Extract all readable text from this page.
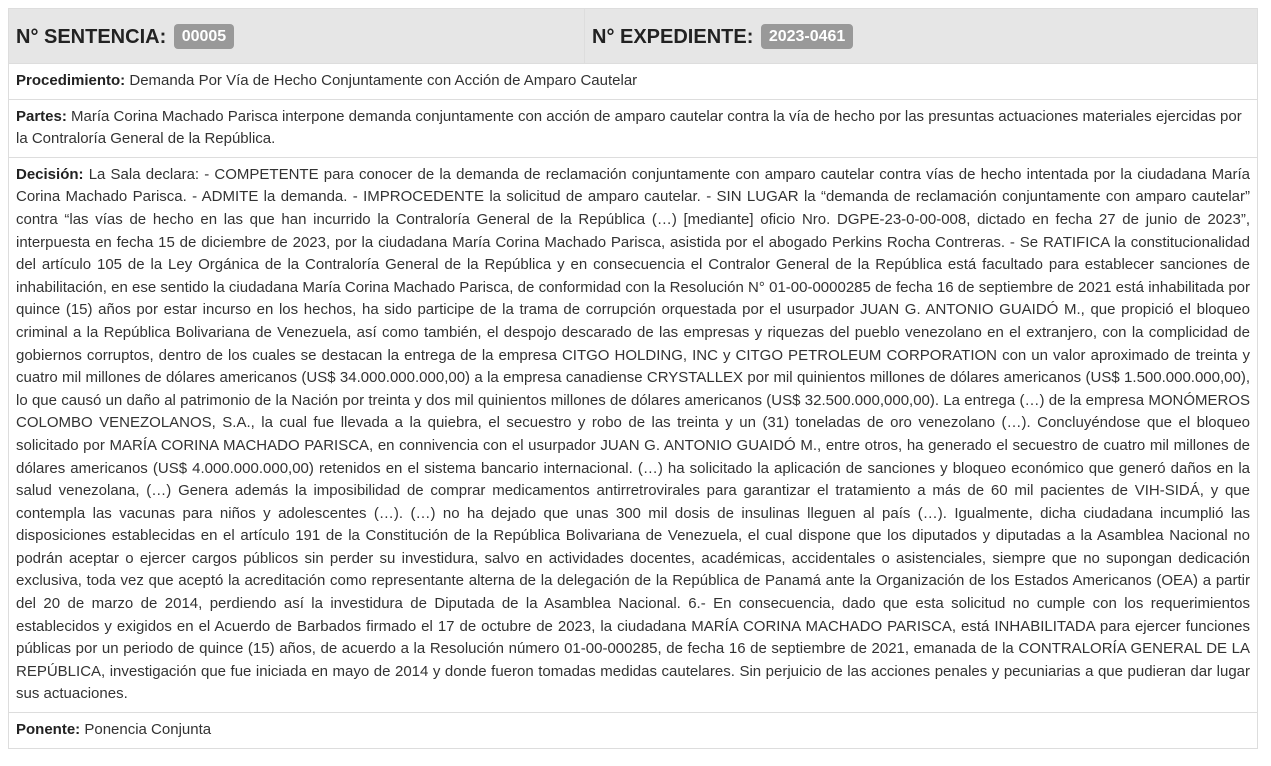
N° SENTENCIA: 00005	N° EXPEDIENTE: 2023-0461
Procedimiento: Demanda Por Vía de Hecho Conjuntamente con Acción de Amparo Cautelar
Partes: María Corina Machado Parisca interpone demanda conjuntamente con acción de amparo cautelar contra la vía de hecho por las presuntas actuaciones materiales ejercidas por la Contraloría General de la República.
Decisión: La Sala declara: - COMPETENTE para conocer de la demanda de reclamación conjuntamente con amparo cautelar contra vías de hecho intentada por la ciudadana María Corina Machado Parisca. - ADMITE la demanda. - IMPROCEDENTE la solicitud de amparo cautelar. - SIN LUGAR la “demanda de reclamación conjuntamente con amparo cautelar” contra “las vías de hecho en las que han incurrido la Contraloría General de la República (…) [mediante] oficio Nro. DGPE-23-0-00-008, dictado en fecha 27 de junio de 2023”, interpuesta en fecha 15 de diciembre de 2023, por la ciudadana María Corina Machado Parisca, asistida por el abogado Perkins Rocha Contreras. - Se RATIFICA la constitucionalidad del artículo 105 de la Ley Orgánica de la Contraloría General de la República y en consecuencia el Contralor General de la República está facultado para establecer sanciones de inhabilitación, en ese sentido la ciudadana María Corina Machado Parisca, de conformidad con la Resolución N° 01-00-0000285 de fecha 16 de septiembre de 2021 está inhabilitada por quince (15) años por estar incurso en los hechos, ha sido participe de la trama de corrupción orquestada por el usurpador JUAN G. ANTONIO GUAIDÓ M., que propició el bloqueo criminal a la República Bolivariana de Venezuela, así como también, el despojo descarado de las empresas y riquezas del pueblo venezolano en el extranjero, con la complicidad de gobiernos corruptos, dentro de los cuales se destacan la entrega de la empresa CITGO HOLDING, INC y CITGO PETROLEUM CORPORATION con un valor aproximado de treinta y cuatro mil millones de dólares americanos (US$ 34.000.000.000,00) a la empresa canadiense CRYSTALLEX por mil quinientos millones de dólares americanos (US$ 1.500.000.000,00), lo que causó un daño al patrimonio de la Nación por treinta y dos mil quinientos millones de dólares americanos (US$ 32.500.000,000,00). La entrega (…) de la empresa MONÓMEROS COLOMBO VENEZOLANOS, S.A., la cual fue llevada a la quiebra, el secuestro y robo de las treinta y un (31) toneladas de oro venezolano (…). Concluyéndose que el bloqueo solicitado por MARÍA CORINA MACHADO PARISCA, en connivencia con el usurpador JUAN G. ANTONIO GUAIDÓ M., entre otros, ha generado el secuestro de cuatro mil millones de dólares americanos (US$ 4.000.000.000,00) retenidos en el sistema bancario internacional. (…) ha solicitado la aplicación de sanciones y bloqueo económico que generó daños en la salud venezolana, (…) Genera además la imposibilidad de comprar medicamentos antirretrovirales para garantizar el tratamiento a más de 60 mil pacientes de VIH-SIDÁ, y que contempla las vacunas para niños y adolescentes (…). (…) no ha dejado que unas 300 mil dosis de insulinas lleguen al país (…). Igualmente, dicha ciudadana incumplió las disposiciones establecidas en el artículo 191 de la Constitución de la República Bolivariana de Venezuela, el cual dispone que los diputados y diputadas a la Asamblea Nacional no podrán aceptar o ejercer cargos públicos sin perder su investidura, salvo en actividades docentes, académicas, accidentales o asistenciales, siempre que no supongan dedicación exclusiva, toda vez que aceptó la acreditación como representante alterna de la delegación de la República de Panamá ante la Organización de los Estados Americanos (OEA) a partir del 20 de marzo de 2014, perdiendo así la investidura de Diputada de la Asamblea Nacional. 6.- En consecuencia, dado que esta solicitud no cumple con los requerimientos establecidos y exigidos en el Acuerdo de Barbados firmado el 17 de octubre de 2023, la ciudadana MARÍA CORINA MACHADO PARISCA, está INHABILITADA para ejercer funciones públicas por un periodo de quince (15) años, de acuerdo a la Resolución número 01-00-000285, de fecha 16 de septiembre de 2021, emanada de la CONTRALORÍA GENERAL DE LA REPÚBLICA, investigación que fue iniciada en mayo de 2014 y donde fueron tomadas medidas cautelares. Sin perjuicio de las acciones penales y pecuniarias a que pudieran dar lugar sus actuaciones.
Ponente: Ponencia Conjunta
